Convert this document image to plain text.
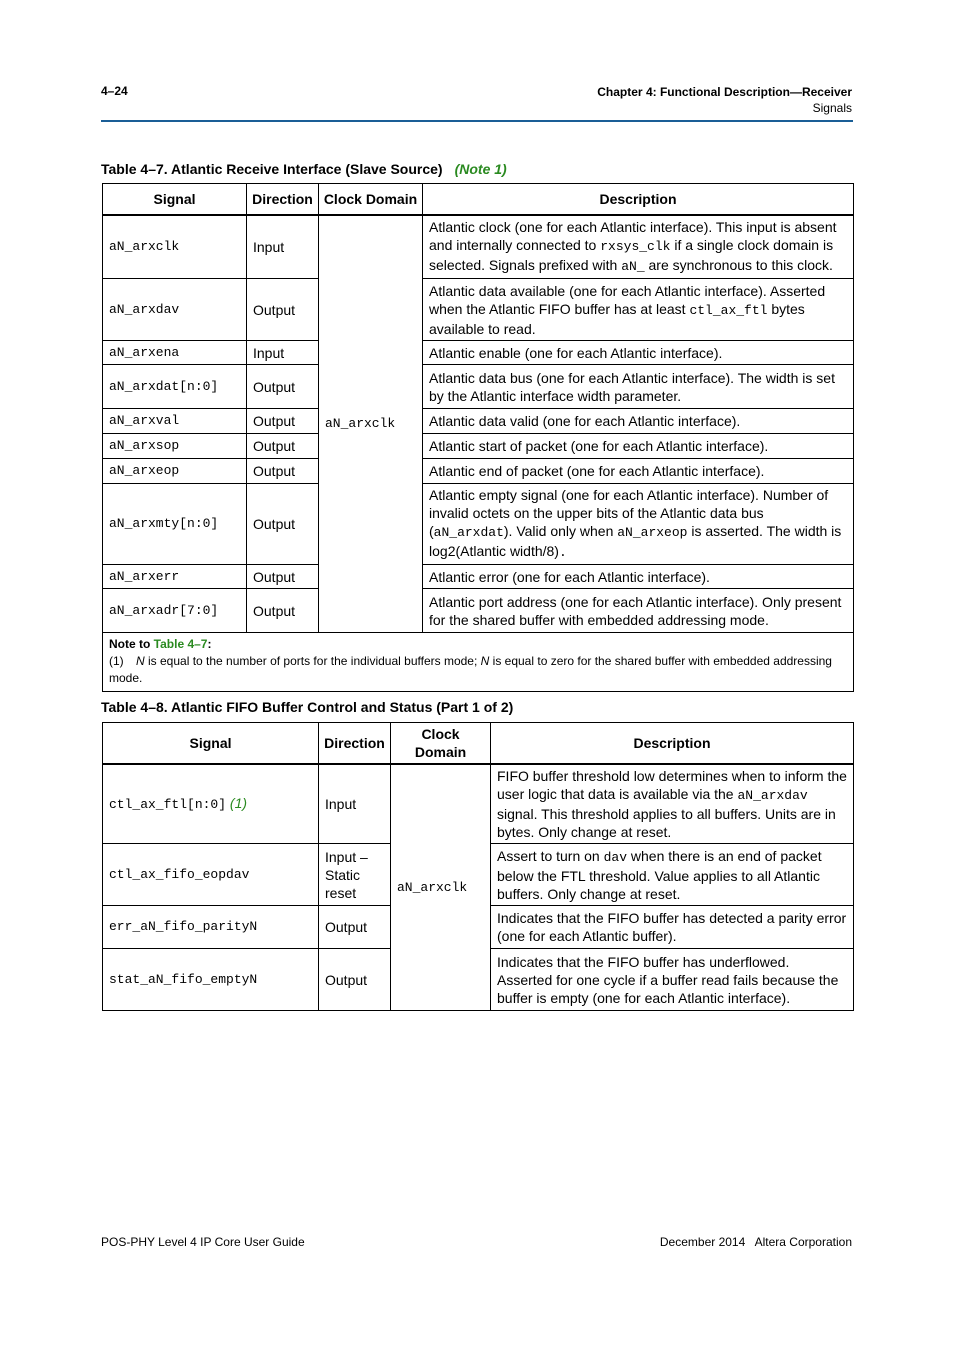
4–24	Chapter 4: Functional Description—Receiver
Signals
Table 4–7. Atlantic Receive Interface (Slave Source) (Note 1)
Signal	Direction	Clock Domain	Description
aN_arxclk	Input	aN_arxclk	Atlantic clock (one for each Atlantic interface). This input is absent and internally connected to rxsys_clk if a single clock domain is selected. Signals prefixed with aN_ are synchronous to this clock.
aN_arxdav	Output		Atlantic data available (one for each Atlantic interface). Asserted when the Atlantic FIFO buffer has at least ctl_ax_ftl bytes available to read.
aN_arxena	Input		Atlantic enable (one for each Atlantic interface).
aN_arxdat[n:0]	Output		Atlantic data bus (one for each Atlantic interface). The width is set by the Atlantic interface width parameter.
aN_arxval	Output		Atlantic data valid (one for each Atlantic interface).
aN_arxsop	Output		Atlantic start of packet (one for each Atlantic interface).
aN_arxeop	Output		Atlantic end of packet (one for each Atlantic interface).
aN_arxmty[n:0]	Output		Atlantic empty signal (one for each Atlantic interface). Number of invalid octets on the upper bits of the Atlantic data bus (aN_arxdat). Valid only when aN_arxeop is asserted. The width is log2(Atlantic width/8).
aN_arxerr	Output		Atlantic error (one for each Atlantic interface).
aN_arxadr[7:0]	Output		Atlantic port address (one for each Atlantic interface). Only present for the shared buffer with embedded addressing mode.

Note to Table 4–7:
(1) N is equal to the number of ports for the individual buffers mode; N is equal to zero for the shared buffer with embedded addressing mode.			
Table 4–8. Atlantic FIFO Buffer Control and Status (Part 1 of 2)
Signal	Direction	Clock Domain	Description
ctl_ax_ftl[n:0] (1)	Input	aN_arxclk	FIFO buffer threshold low determines when to inform the user logic that data is available via the aN_arxdav signal. This threshold applies to all buffers. Units are in bytes. Only change at reset.
ctl_ax_fifo_eopdav	Input – Static reset		Assert to turn on dav when there is an end of packet below the FTL threshold. Value applies to all Atlantic buffers. Only change at reset.
err_aN_fifo_parityN	Output		Indicates that the FIFO buffer has detected a parity error (one for each Atlantic buffer).
stat_aN_fifo_emptyN	Output		Indicates that the FIFO buffer has underflowed. Asserted for one cycle if a buffer read fails because the buffer is empty (one for each Atlantic interface).
POS-PHY Level 4 IP Core User Guide	December 2014   Altera Corporation
